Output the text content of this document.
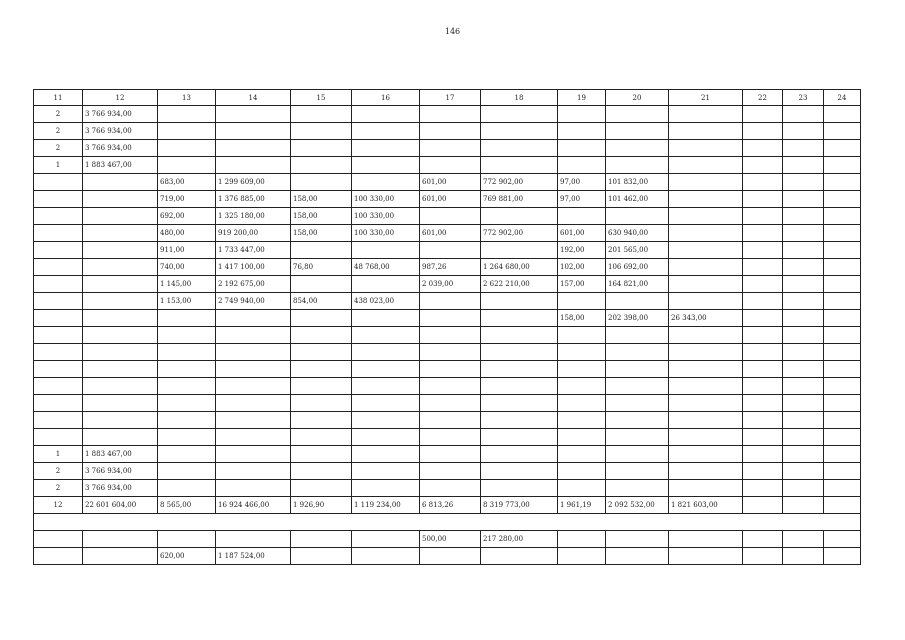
146
11	12	13	14	15	16	17	18	19	20	21	22	23	24
2	3 766 934,00												
2	3 766 934,00												
2	3 766 934,00												
1	1 883 467,00												
		683,00	1 299 609,00			601,00	772 902,00	97,00	101 832,00				
		719,00	1 376 885,00	158,00	100 330,00	601,00	769 881,00	97,00	101 462,00				
		692,00	1 325 180,00	158,00	100 330,00								
		480,00	919 200,00	158,00	100 330,00	601,00	772 902,00	601,00	630 940,00				
		911,00	1 733 447,00					192,00	201 565,00				
		740,00	1 417 100,00	76,80	48 768,00	987,26	1 264 680,00	102,00	106 692,00				
		1 145,00	2 192 675,00			2 039,00	2 622 210,00	157,00	164 821,00				
		1 153,00	2 749 940,00	854,00	438 023,00								
								158,00	202 398,00	26 343,00			

1	1 883 467,00												
2	3 766 934,00												
2	3 766 934,00												
12	22 601 604,00	8 565,00	16 924 466,00	1 926,90	1 119 234,00	6 813,26	8 319 773,00	1 961,19	2 092 532,00	1 821 603,00			

						500,00	217 280,00						
		620,00	1 187 524,00										
